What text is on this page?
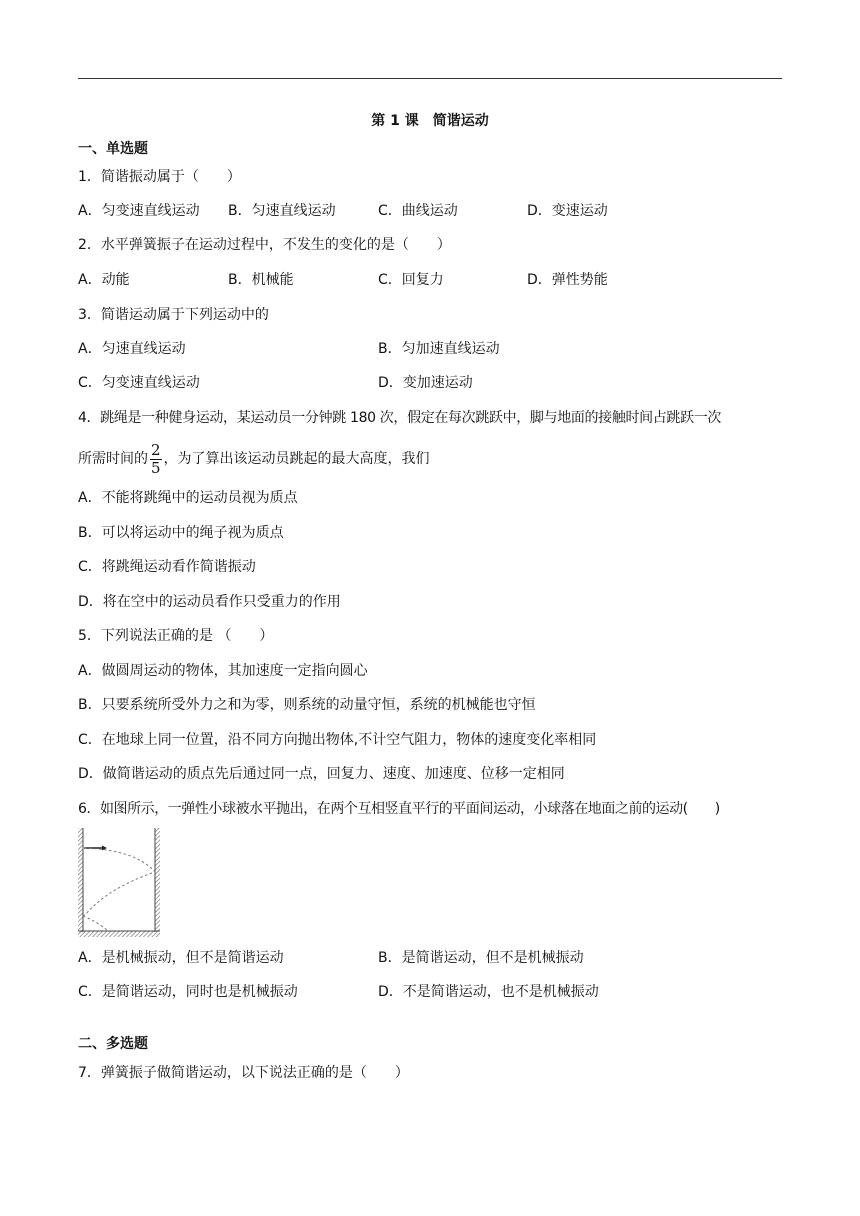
第 1 课　简谐运动
一、单选题
1．简谐振动属于（　　）
A．匀变速直线运动 B．匀速直线运动	C．曲线运动	D．变速运动
2．水平弹簧振子在运动过程中，不发生的变化的是（　　）
A．动能	B．机械能	C．回复力	D．弹性势能
3．简谐运动属于下列运动中的
A．匀速直线运动	B．匀加速直线运动
C．匀变速直线运动	D．变加速运动
4．跳绳是一种健身运动，某运动员一分钟跳 180 次，假定在每次跳跃中，脚与地面的接触时间占跳跃一次
所需时间的 $\frac{2}{5}$ ，为了算出该运动员跳起的最大高度，我们
A．不能将跳绳中的运动员视为质点
B．可以将运动中的绳子视为质点
C．将跳绳运动看作简谐振动
D．将在空中的运动员看作只受重力的作用
5．下列说法正确的是 （　　）
A．做圆周运动的物体，其加速度一定指向圆心
B．只要系统所受外力之和为零，则系统的动量守恒，系统的机械能也守恒
C．在地球上同一位置，沿不同方向抛出物体,不计空气阻力，物体的速度变化率相同
D．做简谐运动的质点先后通过同一点，回复力、速度、加速度、位移一定相同
6．如图所示，一弹性小球被水平抛出，在两个互相竖直平行的平面间运动，小球落在地面之前的运动(　　)
A．是机械振动，但不是简谐运动	B．是简谐运动，但不是机械振动
C．是简谐运动，同时也是机械振动	D．不是简谐运动，也不是机械振动
二、多选题
7．弹簧振子做简谐运动，以下说法正确的是（　　）
